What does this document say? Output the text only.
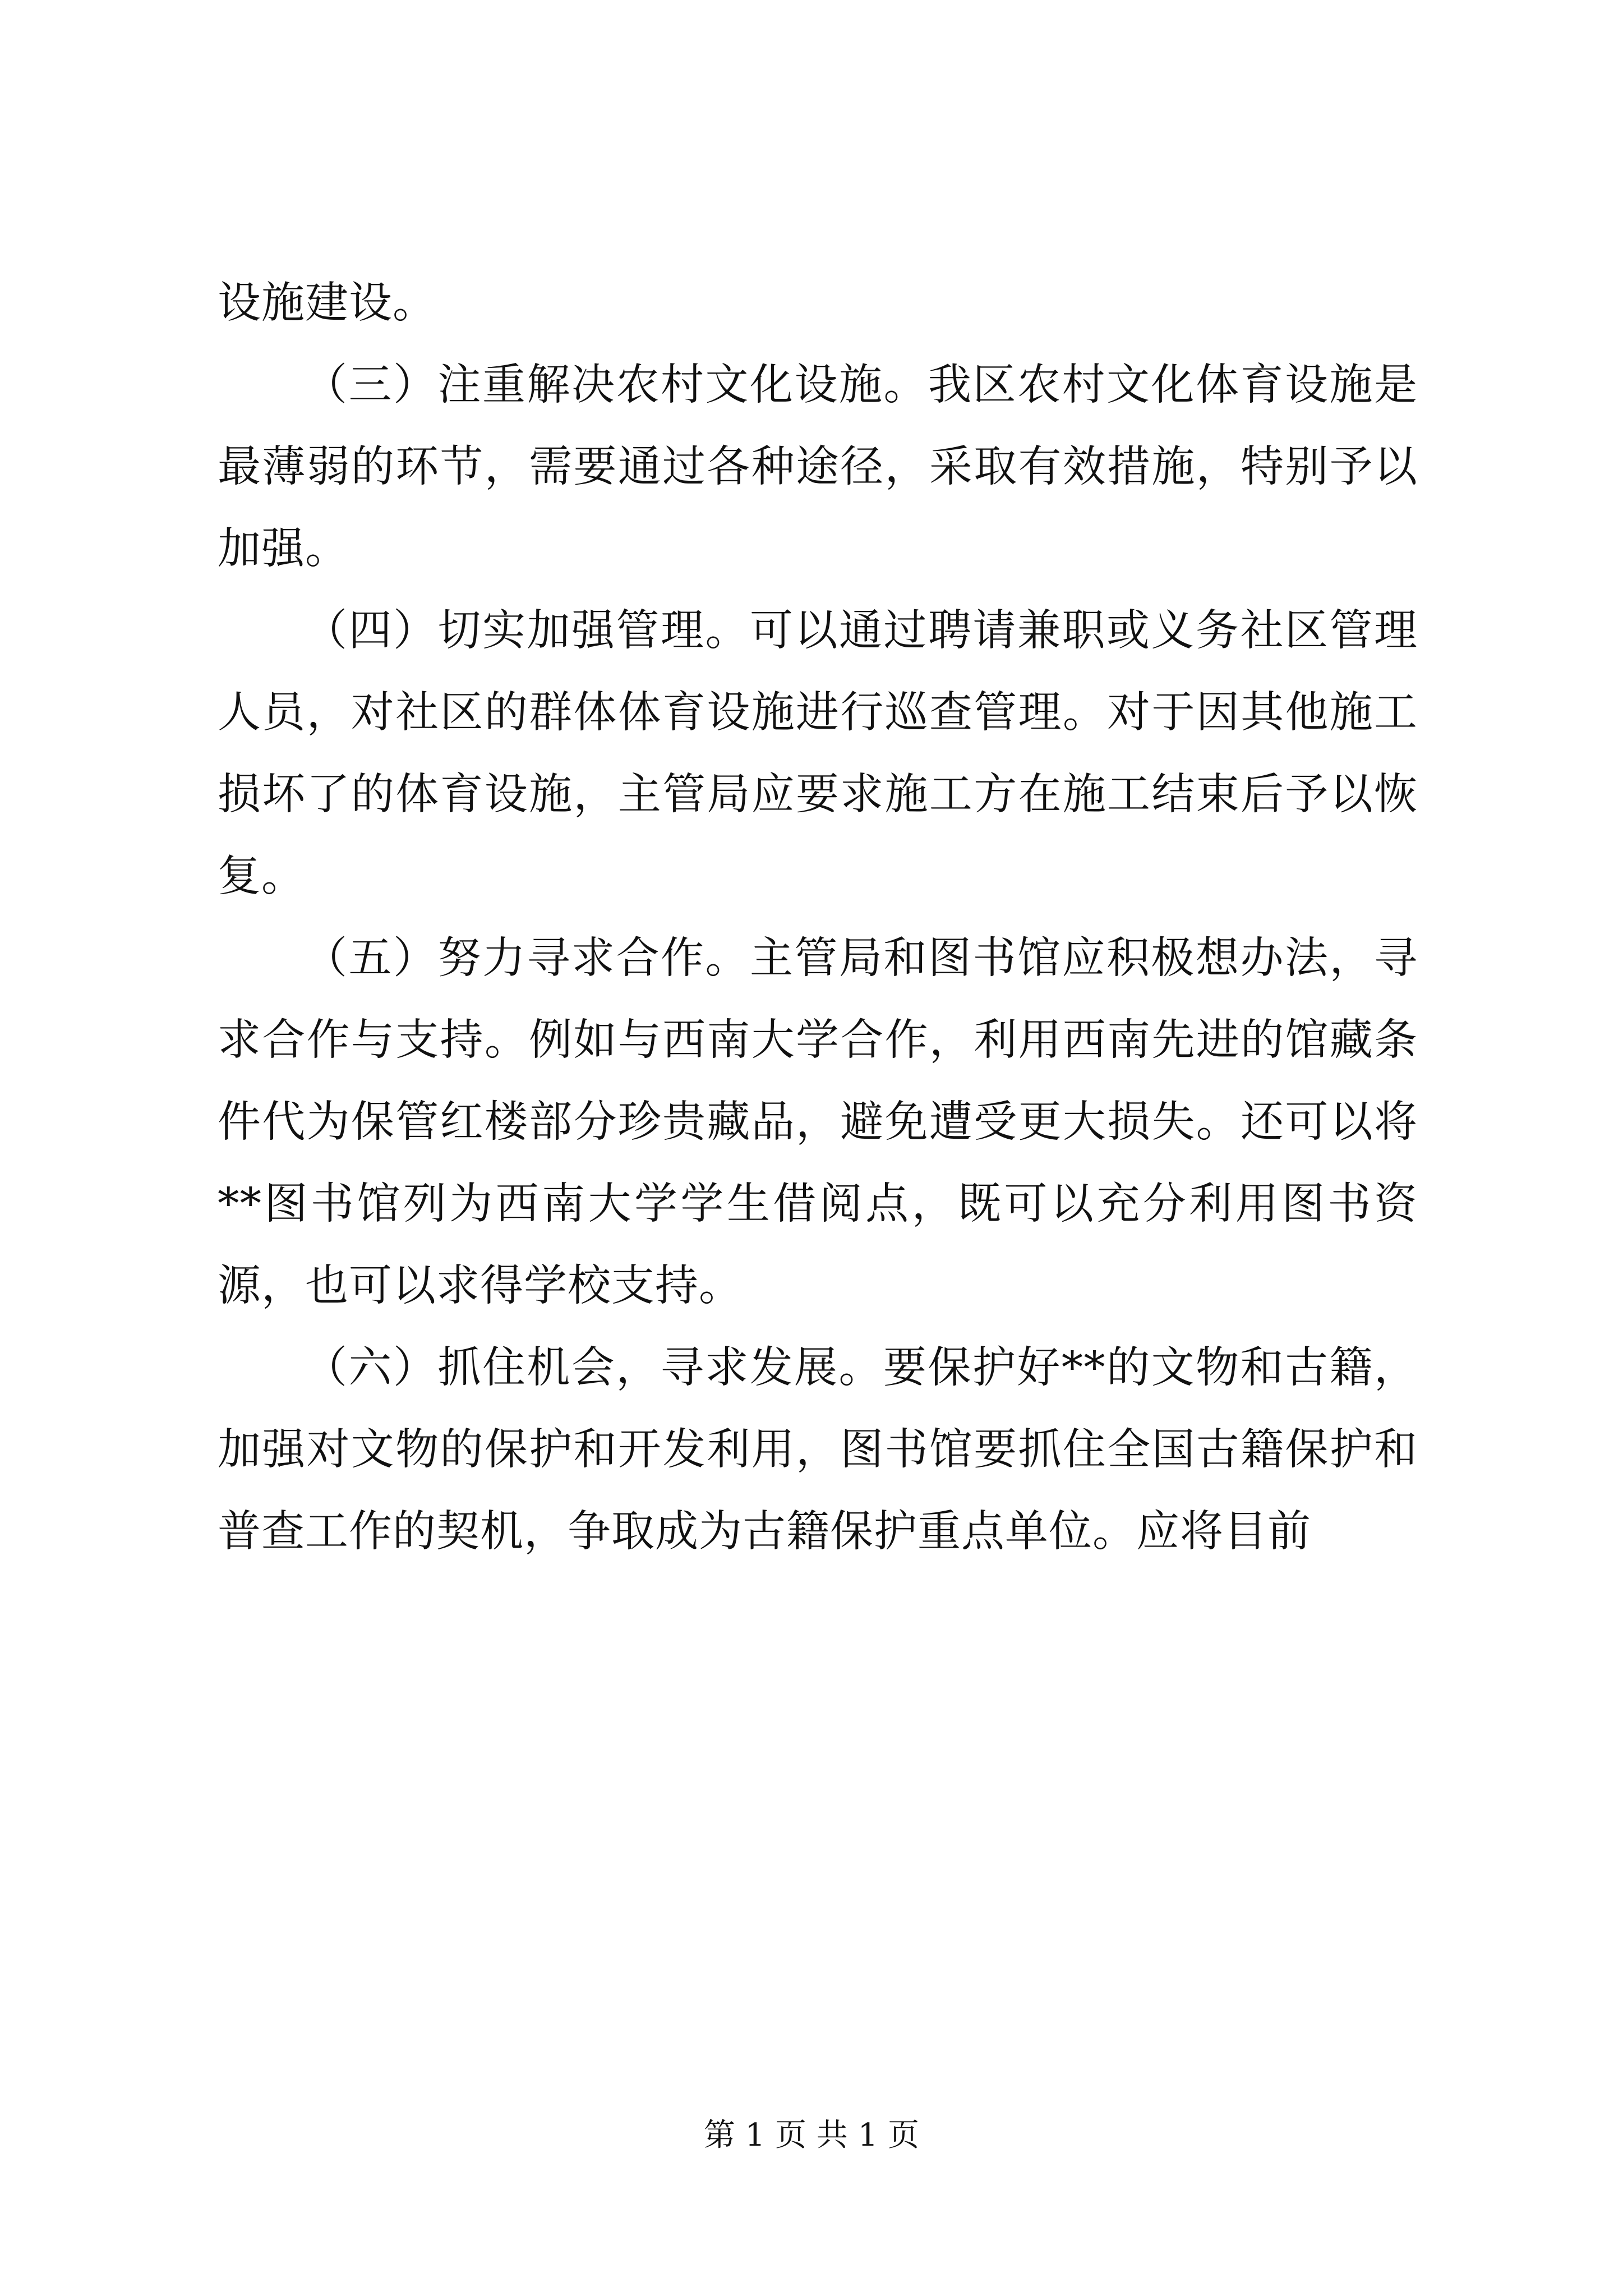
设施建设。

（三）注重解决农村文化设施。我区农村文化体育设施是最薄弱的环节，需要通过各种途径，采取有效措施，特别予以加强。

（四）切实加强管理。可以通过聘请兼职或义务社区管理人员，对社区的群体体育设施进行巡查管理。对于因其他施工损坏了的体育设施，主管局应要求施工方在施工结束后予以恢复。

（五）努力寻求合作。主管局和图书馆应积极想办法，寻求合作与支持。例如与西南大学合作，利用西南先进的馆藏条件代为保管红楼部分珍贵藏品，避免遭受更大损失。还可以将**图书馆列为西南大学学生借阅点，既可以充分利用图书资源，也可以求得学校支持。

（六）抓住机会，寻求发展。要保护好**的文物和古籍，加强对文物的保护和开发利用，图书馆要抓住全国古籍保护和普查工作的契机，争取成为古籍保护重点单位。应将目前

第 1 页 共 1 页
